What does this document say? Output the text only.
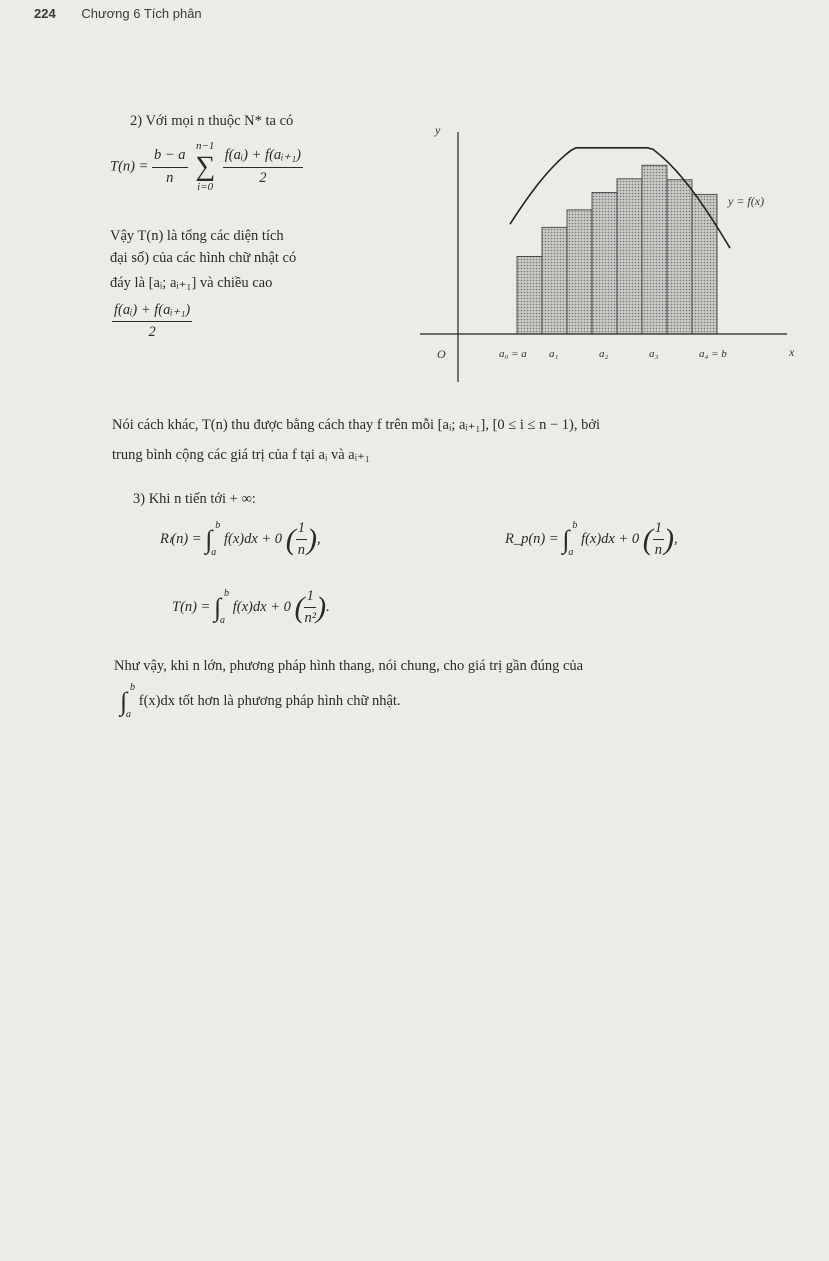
224 Chương 6 Tích phân
2) Với mọi n thuộc N* ta có
$T(n) = \frac{b - a}{n}$
n−1
∑
i=0
$\frac{\text{f(aᵢ) + f(aᵢ₊₁)}}{2}$
Vậy T(n) là tổng các diện tích
đại số) của các hình chữ nhật có
đáy là [aᵢ; aᵢ₊₁] và chiều cao
$\frac{\text{f(aᵢ) + f(aᵢ₊₁)}}{2}$
y
x
O
y = f(x)
a₀ = a a₁	a₂	a₃	a₄ = b
Nói cách khác, T(n) thu được bằng cách thay f trên mỗi [aᵢ; aᵢ₊₁], [0 ≤ i ≤ n − 1), bởi
trung bình cộng các giá trị của f tại aᵢ và aᵢ₊₁
3) Khi n tiến tới + ∞:
Rₗ(n) = ∫ b
a
f(x)dx + 0 ( $\frac{1}{n}$ ),	R_p(n) = ∫ b
a
f(x)dx + 0 ( $\frac{1}{n}$ ),
T(n) = ∫ b
a
f(x)dx + 0 ( $\frac{1}{\text{n²}}$ ).
Như vậy, khi n lớn, phương pháp hình thang, nói chung, cho giá trị gần đúng của
∫ b
a
f(x)dx tốt hơn là phương pháp hình chữ nhật.
